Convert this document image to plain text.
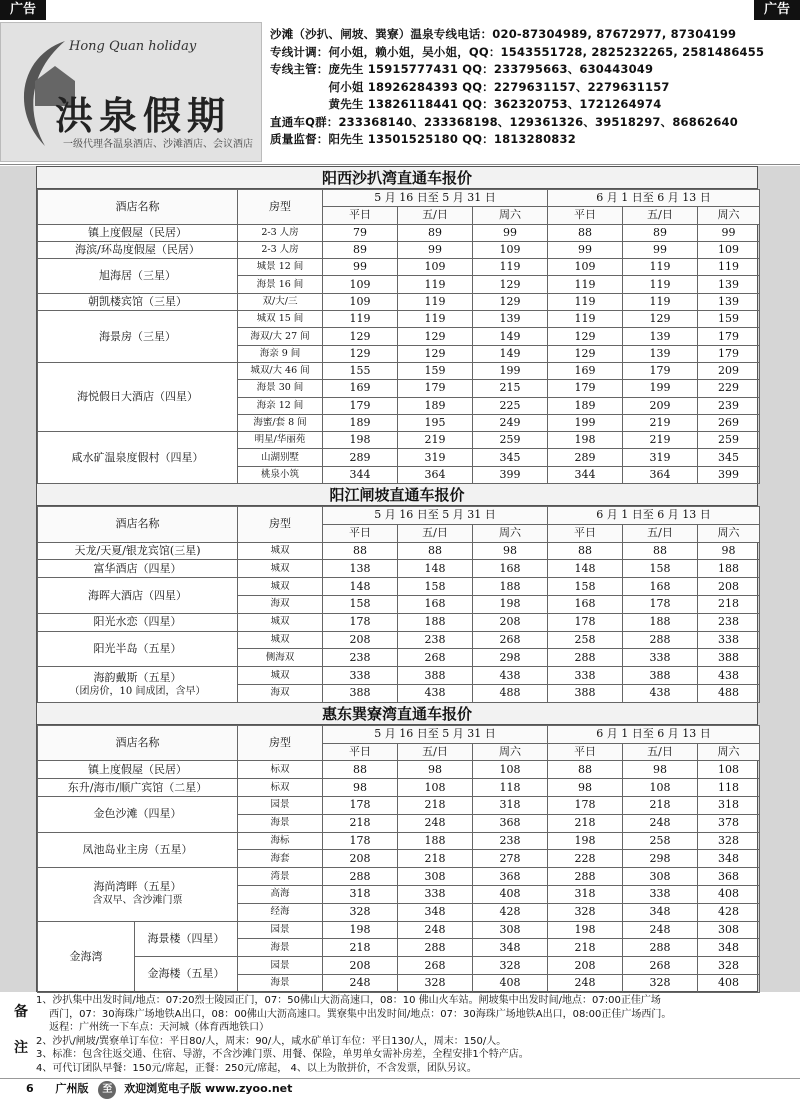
广告	广告
Hong Quan holiday
洪泉假期
一级代理各温泉酒店、沙滩酒店、会议酒店
沙滩（沙扒、闸坡、巽寮）温泉专线电话：020-87304989, 87672977, 87304199
专线计调：何小姐，赖小姐，吴小姐，QQ：1543551728, 2825232265, 2581486455
专线主管：庞先生 15915777431 QQ：233795663、630443049
　　　　　何小姐 18926284393 QQ：2279631157、2279631157
　　　　　黄先生 13826118441 QQ：362320753、1721264974
直通车Q群：233368140、233368198、129361326、39518297、86862640
质量监督：阳先生 13501525180 QQ：1813280832
阳西沙扒湾直通车报价
酒店名称	房型	5 月 16 日至 5 月 31 日			6 月 1 日至 6 月 13 日		
		平日	五/日	周六	平日	五/日	周六
镇上度假屋（民居）	2-3 人房	79	89	99	88	89	99
海滨/环岛度假屋（民居）	2-3 人房	89	99	109	99	99	109
旭海居（三星）	城景 12 间	99	109	119	109	119	119
	海景 16 间	109	119	129	119	119	139
朝凯楼宾馆（三星）	双/大/三	109	119	129	119	119	139
海景房（三星）	城双 15 间	119	119	139	119	129	159
	海双/大 27 间	129	129	149	129	139	179
	海亲 9 间	129	129	149	129	139	179
海悦假日大酒店（四星）	城双/大 46 间	155	159	199	169	179	209
	海景 30 间	169	179	215	179	199	229
	海亲 12 间	179	189	225	189	209	239
	海蜜/套 8 间	189	195	249	199	219	269
咸水矿温泉度假村（四星）	明星/华丽苑	198	219	259	198	219	259
	山湖别墅	289	319	345	289	319	345
	桃泉小筑	344	364	399	344	364	399
阳江闸坡直通车报价
酒店名称	房型	5 月 16 日至 5 月 31 日			6 月 1 日至 6 月 13 日		
		平日	五/日	周六	平日	五/日	周六
天龙/天夏/银龙宾馆(三星)	城双	88	88	98	88	88	98
富华酒店（四星）	城双	138	148	168	148	158	188
海晖大酒店（四星）	城双	148	158	188	158	168	208
	海双	158	168	198	168	178	218
阳光水恋（四星）	城双	178	188	208	178	188	238
阳光半岛（五星）	城双	208	238	268	258	288	338
	侧海双	238	268	298	288	338	388

海韵戴斯（五星）
（团房价，10 间成团，含早）	城双	338	388	438	338	388	438
	海双	388	438	488	388	438	488
惠东巽寮湾直通车报价
酒店名称		房型	5 月 16 日至 5 月 31 日			6 月 1 日至 6 月 13 日		
			平日	五/日	周六	平日	五/日	周六
镇上度假屋（民居）		标双	88	98	108	88	98	108
东升/海市/顺广宾馆（二星）		标双	98	108	118	98	108	118
金色沙滩（四星）		园景	178	218	318	178	218	318
		海景	218	248	368	218	248	378
凤池岛业主房（五星）		海标	178	188	238	198	258	328
		海套	208	218	278	228	298	348

海尚湾畔（五星）
含双早、含沙滩门票		湾景	288	308	368	288	308	368
		高海	318	338	408	318	338	408
		经海	328	348	428	328	348	428
金海湾	海景楼（四星）	园景	198	248	308	198	248	308
		海景	218	288	348	218	288	348
	金海楼（五星）	园景	208	268	328	208	268	328
		海景	248	328	408	248	328	408
备
注
1、沙扒集中出发时间/地点：07:20烈士陵园正门，07：50佛山大沥高速口，08：10 佛山火车站。闸坡集中出发时间/地点：07:00正佳广场
　 西门，07：30海珠广场地铁A出口，08：00佛山大沥高速口。巽寮集中出发时间/地点：07：30海珠广场地铁A出口，08:00正佳广场西门。
　 返程：广州统一下车点：天河城（体育西地铁口）
2、沙扒/闸坡/巽寮单订车位：平日80/人，周末：90/人，咸水矿单订车位：平日130/人，周末：150/人。
3、标准：包含往返交通、住宿、导游，不含沙滩门票、用餐、保险，单男单女需补房差，全程安排1个特产店。
4、可代订团队早餐：150元/席起，正餐：250元/席起， 4、以上为散拼价，不含发票，团队另议。
6 广州版 至 欢迎浏览电子版 www.zyoo.net
